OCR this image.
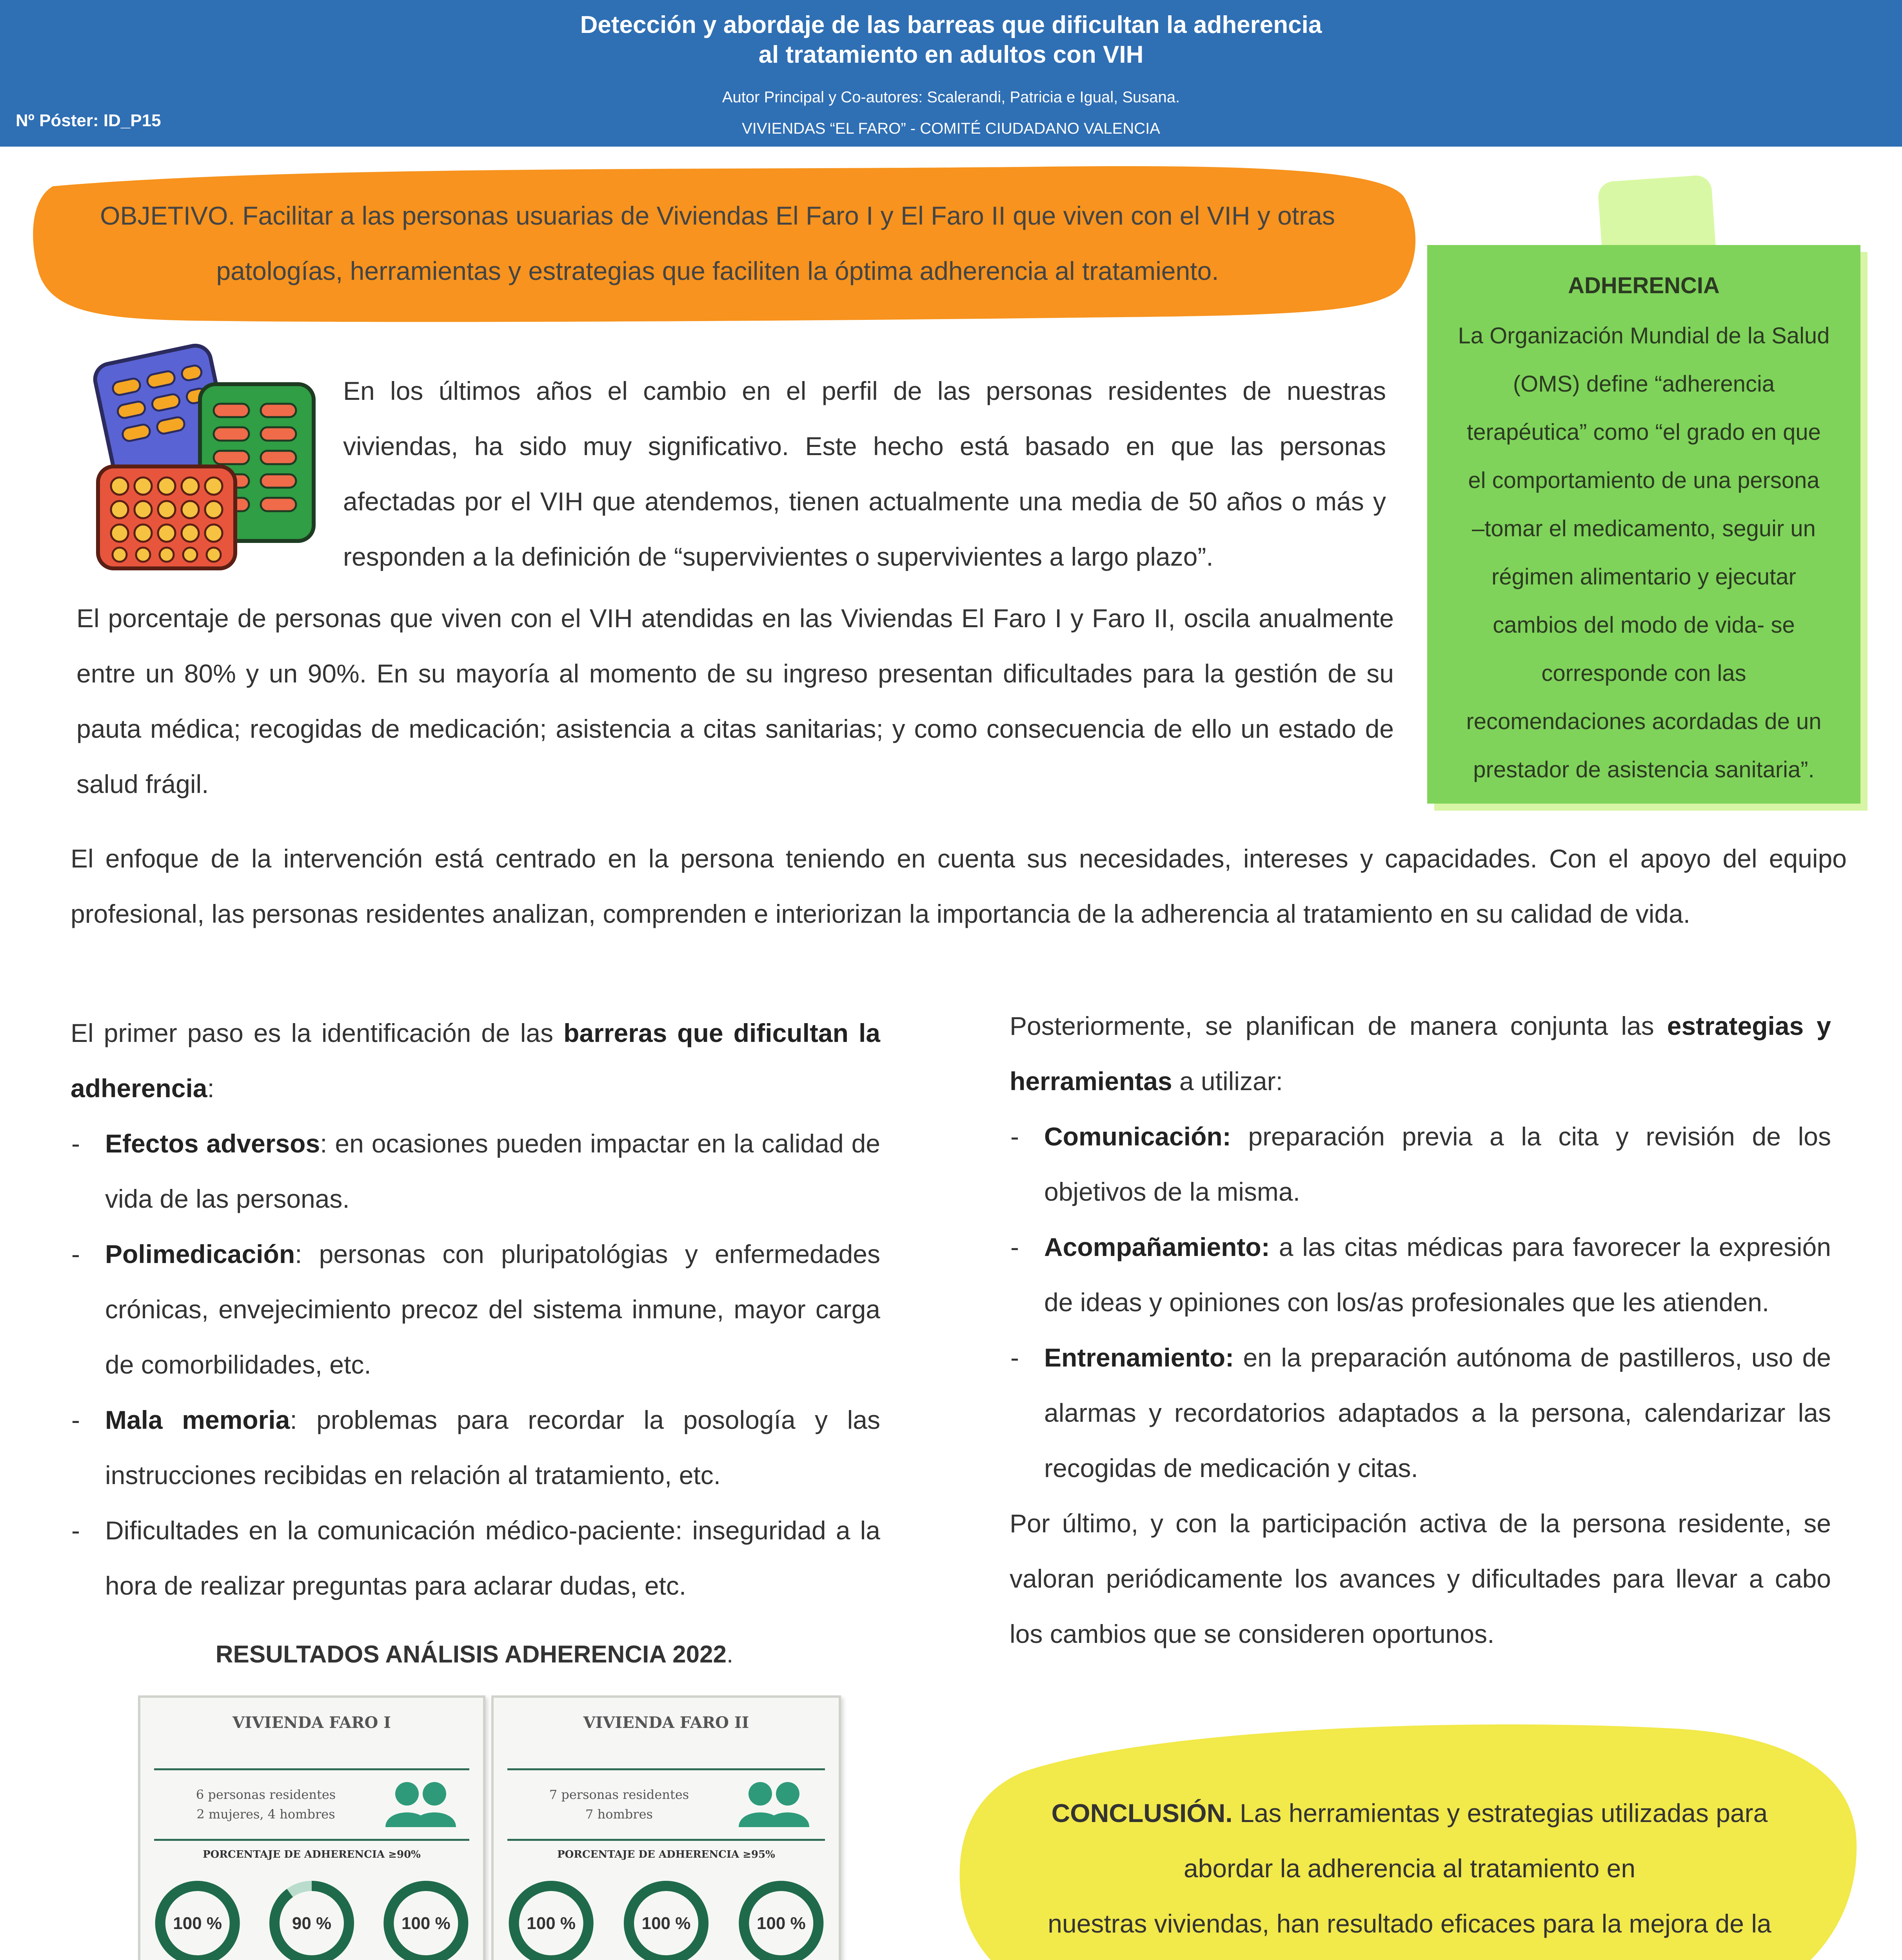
Detección y abordaje de las barreas que dificultan la adherencia
al tratamiento en adultos con VIH
Autor Principal y Co-autores: Scalerandi, Patricia e Igual, Susana.
VIVIENDAS “EL FARO” - COMITÉ CIUDADANO VALENCIA
Nº Póster: ID_P15
OBJETIVO. Facilitar a las personas usuarias de Viviendas El Faro I y El Faro II que viven con el VIH y otras
patologías, herramientas y estrategias que faciliten la óptima adherencia al tratamiento.
ADHERENCIA
La Organización Mundial de la Salud
(OMS) define “adherencia
terapéutica” como “el grado en que
el comportamiento de una persona
–tomar el medicamento, seguir un
régimen alimentario y ejecutar
cambios del modo de vida- se
corresponde con las
recomendaciones acordadas de un
prestador de asistencia sanitaria”.
En los últimos años el cambio en el perfil de las personas residentes de nuestras viviendas, ha sido muy significativo. Este hecho está basado en que las personas afectadas por el VIH que atendemos, tienen actualmente una media de 50 años o más y responden a la definición de “supervivientes o supervivientes a largo plazo”.
El porcentaje de personas que viven con el VIH atendidas en las Viviendas El Faro I y Faro II, oscila anualmente entre un 80% y un 90%. En su mayoría al momento de su ingreso presentan dificultades para la gestión de su pauta médica; recogidas de medicación; asistencia a citas sanitarias; y como consecuencia de ello un estado de salud frágil.
El enfoque de la intervención está centrado en la persona teniendo en cuenta sus necesidades, intereses y capacidades. Con el apoyo del equipo profesional, las personas residentes analizan, comprenden e interiorizan la importancia de la adherencia al tratamiento en su calidad de vida.
El primer paso es la identificación de las barreras que dificultan la adherencia:
- Efectos adversos: en ocasiones pueden impactar en la calidad de vida de las personas.
- Polimedicación: personas con pluripatológias y enfermedades crónicas, envejecimiento precoz del sistema inmune, mayor carga de comorbilidades, etc.
- Mala memoria: problemas para recordar la posología y las instrucciones recibidas en relación al tratamiento, etc.
- Dificultades en la comunicación médico-paciente: inseguridad a la hora de realizar preguntas para aclarar dudas, etc.
Posteriormente, se planifican de manera conjunta las estrategias y herramientas a utilizar:
- Comunicación: preparación previa a la cita y revisión de los objetivos de la misma.
- Acompañamiento: a las citas médicas para favorecer la expresión de ideas y opiniones con los/as profesionales que les atienden.
- Entrenamiento: en la preparación autónoma de pastilleros, uso de alarmas y recordatorios adaptados a la persona, calendarizar las recogidas de medicación y citas.
Por último, y con la participación activa de la persona residente, se valoran periódicamente los avances y dificultades para llevar a cabo los cambios que se consideren oportunos.
RESULTADOS ANÁLISIS ADHERENCIA 2022.
VIVIENDA FARO I
6 personas residentes
2 mujeres, 4 hombres
PORCENTAJE DE ADHERENCIA ≥90%
100 %	90 %	100 %
VIVIENDA FARO II
7 personas residentes
7 hombres
PORCENTAJE DE ADHERENCIA ≥95%
100 %	100 %	100 %
CONCLUSIÓN. Las herramientas y estrategias utilizadas para
abordar la adherencia al tratamiento en
nuestras viviendas, han resultado eficaces para la mejora de la
